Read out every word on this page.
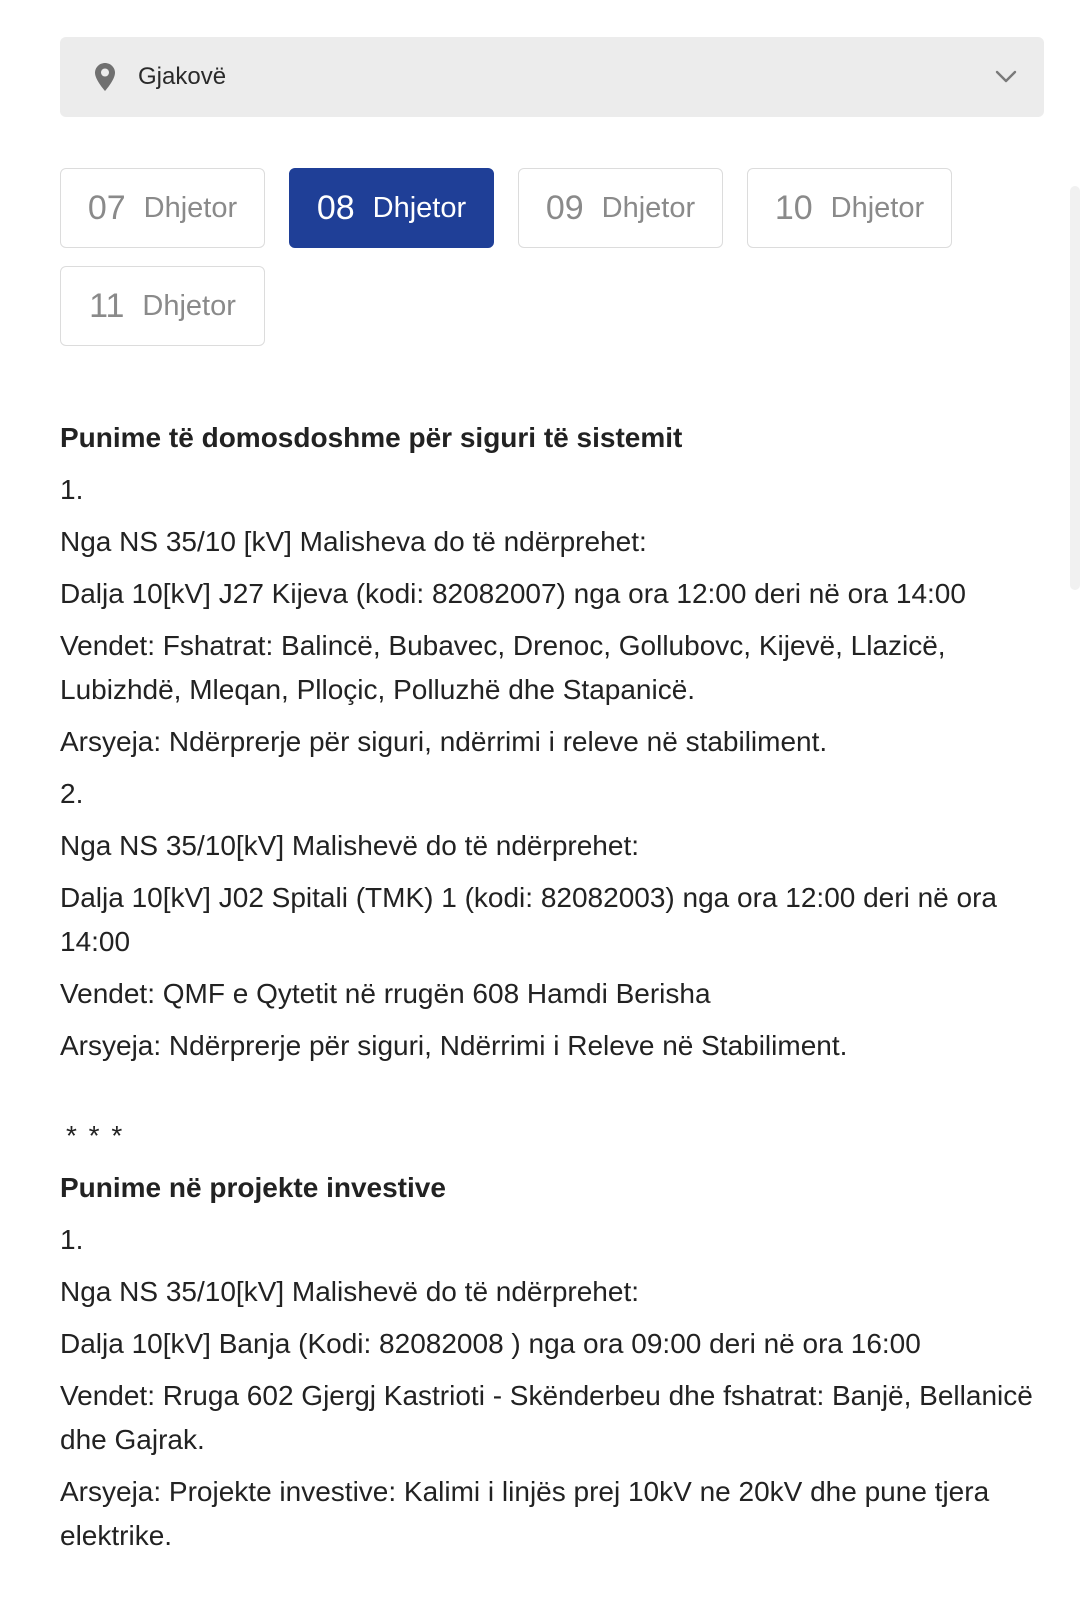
Gjakovë
07 Dhjetor 08 Dhjetor 09 Dhjetor 10 Dhjetor
11 Dhjetor

Punime të domosdoshme për siguri të sistemit

1.

Nga NS 35/10 [kV] Malisheva do të ndërprehet:

Dalja 10[kV] J27 Kijeva (kodi: 82082007) nga ora 12:00 deri në ora 14:00

Vendet: Fshatrat: Balincë, Bubavec, Drenoc, Gollubovc, Kijevë, Llazicë, Lubizhdë, Mleqan, Plloçic, Polluzhë dhe Stapanicë.

Arsyeja: Ndërprerje për siguri, ndërrimi i releve në stabiliment.

2.

Nga NS 35/10[kV] Malishevë do të ndërprehet:

Dalja 10[kV] J02 Spitali (TMK) 1 (kodi: 82082003) nga ora 12:00 deri në ora 14:00

Vendet: QMF e Qytetit në rrugën 608 Hamdi Berisha

Arsyeja: Ndërprerje për siguri, Ndërrimi i Releve në Stabiliment.

* * *

Punime në projekte investive

1.

Nga NS 35/10[kV] Malishevë do të ndërprehet:

Dalja 10[kV] Banja (Kodi: 82082008 ) nga ora 09:00 deri në ora 16:00

Vendet: Rruga 602 Gjergj Kastrioti - Skënderbeu dhe fshatrat: Banjë, Bellanicë dhe Gajrak.

Arsyeja: Projekte investive: Kalimi i linjës prej 10kV ne 20kV dhe pune tjera elektrike.
